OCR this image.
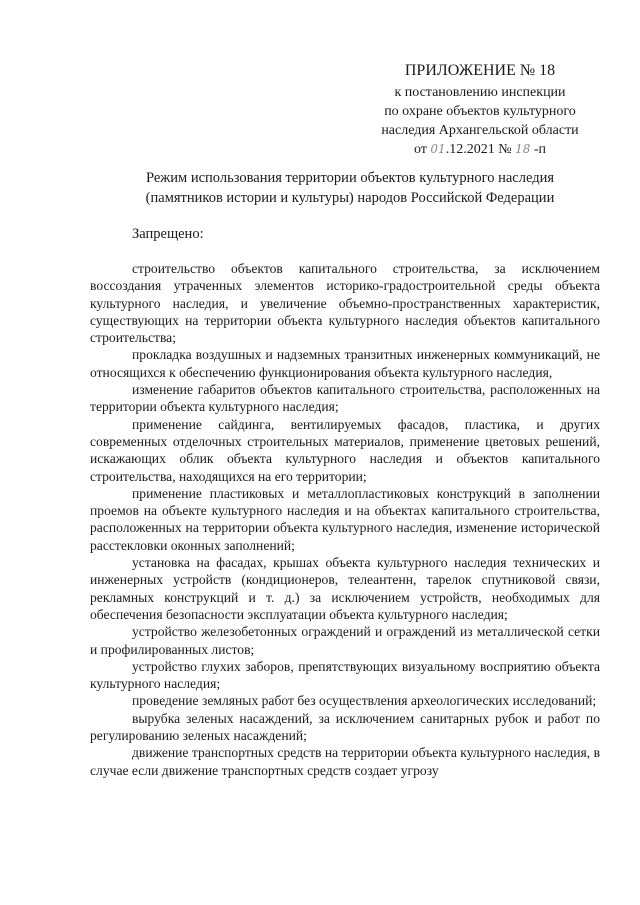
ПРИЛОЖЕНИЕ № 18
к постановлению инспекции
по охране объектов культурного
наследия Архангельской области
от 01.12.2021 № 18 -п
Режим использования территории объектов культурного наследия
(памятников истории и культуры) народов Российской Федерации
Запрещено:

строительство объектов капитального строительства, за исключением воссоздания утраченных элементов историко-градостроительной среды объекта культурного наследия, и увеличение объемно-пространственных характеристик, существующих на территории объекта культурного наследия объектов капитального строительства;

прокладка воздушных и надземных транзитных инженерных коммуникаций, не относящихся к обеспечению функционирования объекта культурного наследия,

изменение габаритов объектов капитального строительства, расположенных на территории объекта культурного наследия;

применение сайдинга, вентилируемых фасадов, пластика, и других современных отделочных строительных материалов, применение цветовых решений, искажающих облик объекта культурного наследия и объектов капитального строительства, находящихся на его территории;

применение пластиковых и металлопластиковых конструкций в заполнении проемов на объекте культурного наследия и на объектах капитального строительства, расположенных на территории объекта культурного наследия, изменение исторической расстекловки оконных заполнений;

установка на фасадах, крышах объекта культурного наследия технических и инженерных устройств (кондиционеров, телеантенн, тарелок спутниковой связи, рекламных конструкций и т. д.) за исключением устройств, необходимых для обеспечения безопасности эксплуатации объекта культурного наследия;

устройство железобетонных ограждений и ограждений из металлической сетки и профилированных листов;

устройство глухих заборов, препятствующих визуальному восприятию объекта культурного наследия;

проведение земляных работ без осуществления археологических исследований;

вырубка зеленых насаждений, за исключением санитарных рубок и работ по регулированию зеленых насаждений;

движение транспортных средств на территории объекта культурного наследия, в случае если движение транспортных средств создает угрозу
